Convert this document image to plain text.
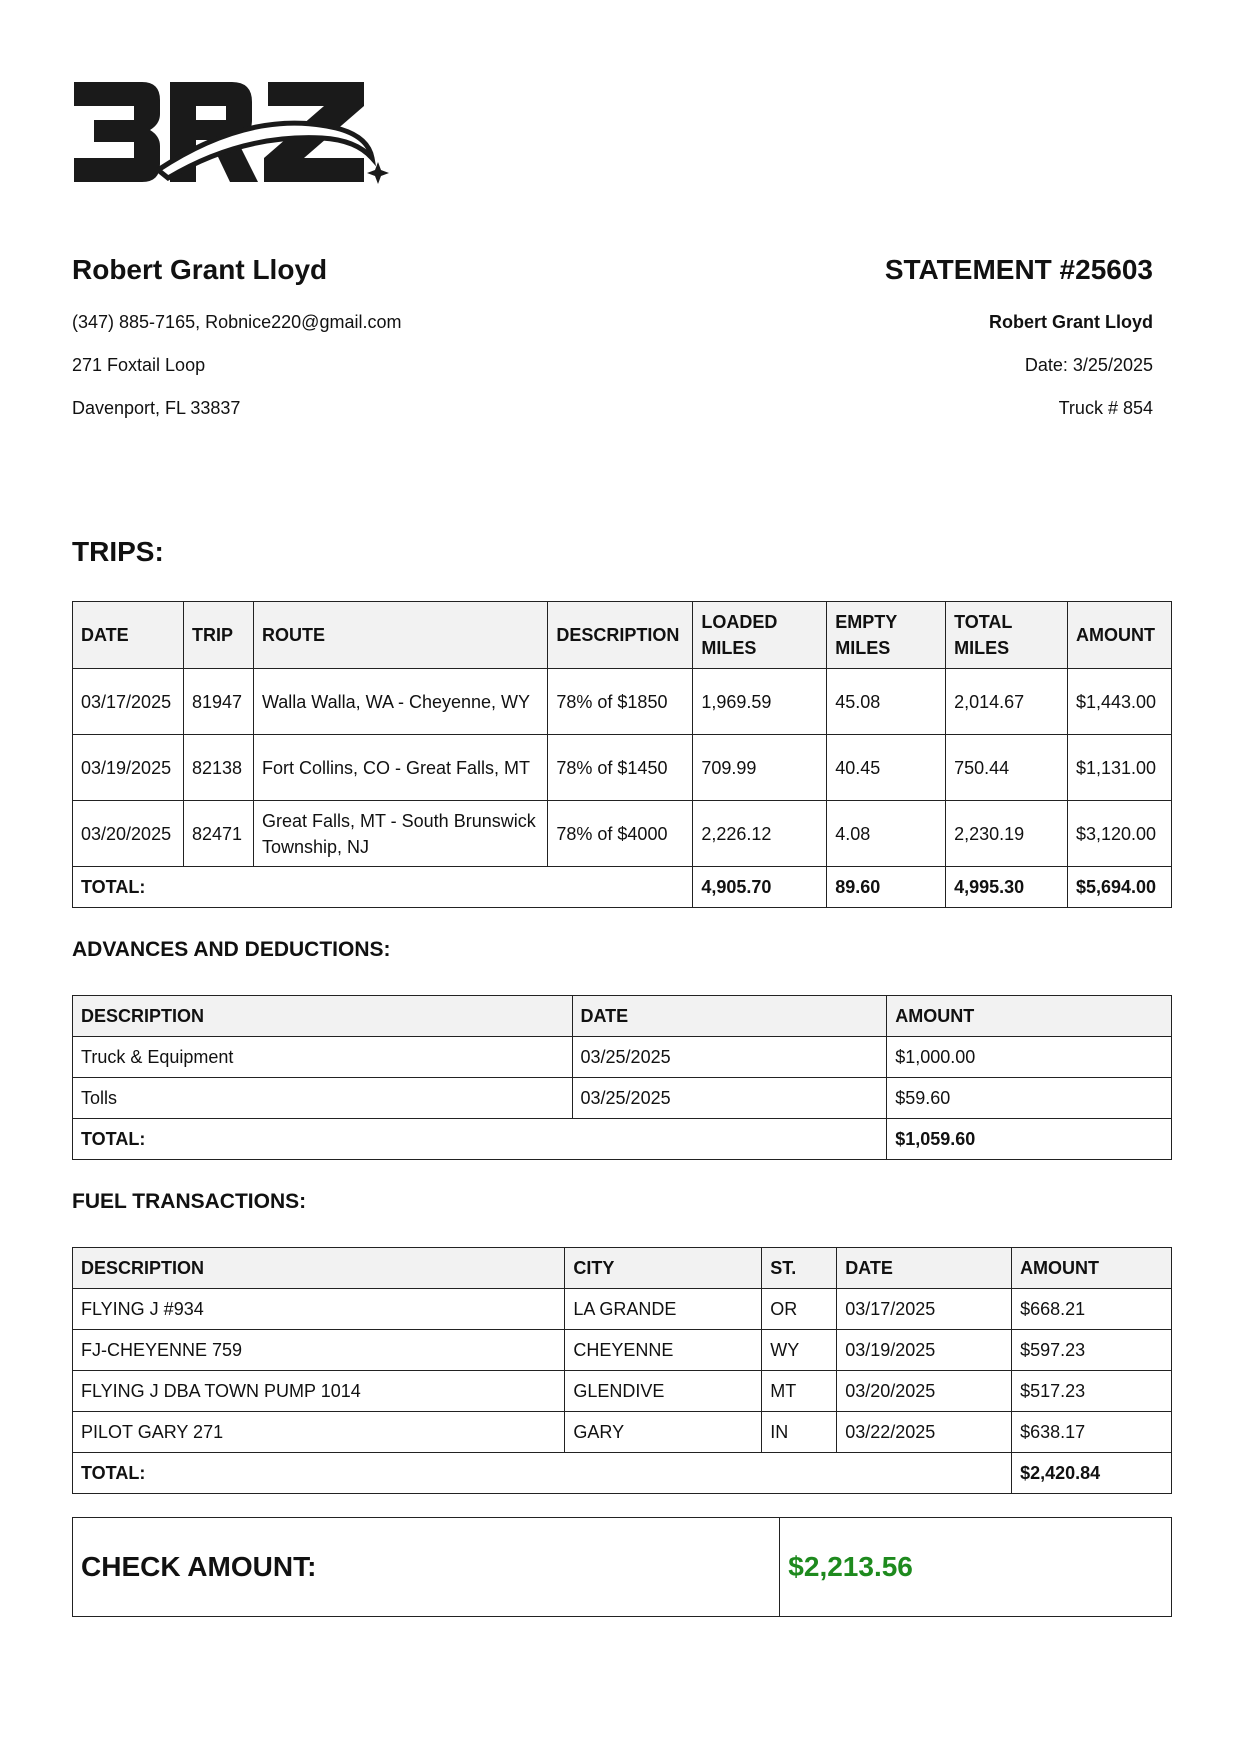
Robert Grant Lloyd
(347) 885-7165, Robnice220@gmail.com
271 Foxtail Loop
Davenport, FL 33837
STATEMENT #25603
Robert Grant Lloyd
Date: 3/25/2025
Truck # 854
TRIPS:
DATE	TRIP	ROUTE	DESCRIPTION	LOADED MILES	EMPTY MILES	TOTAL MILES	AMOUNT
03/17/2025	81947	Walla Walla, WA - Cheyenne, WY	78% of $1850	1,969.59	45.08	2,014.67	$1,443.00
03/19/2025	82138	Fort Collins, CO - Great Falls, MT	78% of $1450	709.99	40.45	750.44	$1,131.00
03/20/2025	82471	Great Falls, MT - South Brunswick Township, NJ	78% of $4000	2,226.12	4.08	2,230.19	$3,120.00
TOTAL:				4,905.70	89.60	4,995.30	$5,694.00
ADVANCES AND DEDUCTIONS:
DESCRIPTION	DATE	AMOUNT
Truck & Equipment	03/25/2025	$1,000.00
Tolls	03/25/2025	$59.60
TOTAL:		$1,059.60
FUEL TRANSACTIONS:
DESCRIPTION	CITY	ST.	DATE	AMOUNT
FLYING J #934	LA GRANDE	OR	03/17/2025	$668.21
FJ-CHEYENNE 759	CHEYENNE	WY	03/19/2025	$597.23
FLYING J DBA TOWN PUMP 1014	GLENDIVE	MT	03/20/2025	$517.23
PILOT GARY 271	GARY	IN	03/22/2025	$638.17
TOTAL:				$2,420.84
CHECK AMOUNT:	$2,213.56
